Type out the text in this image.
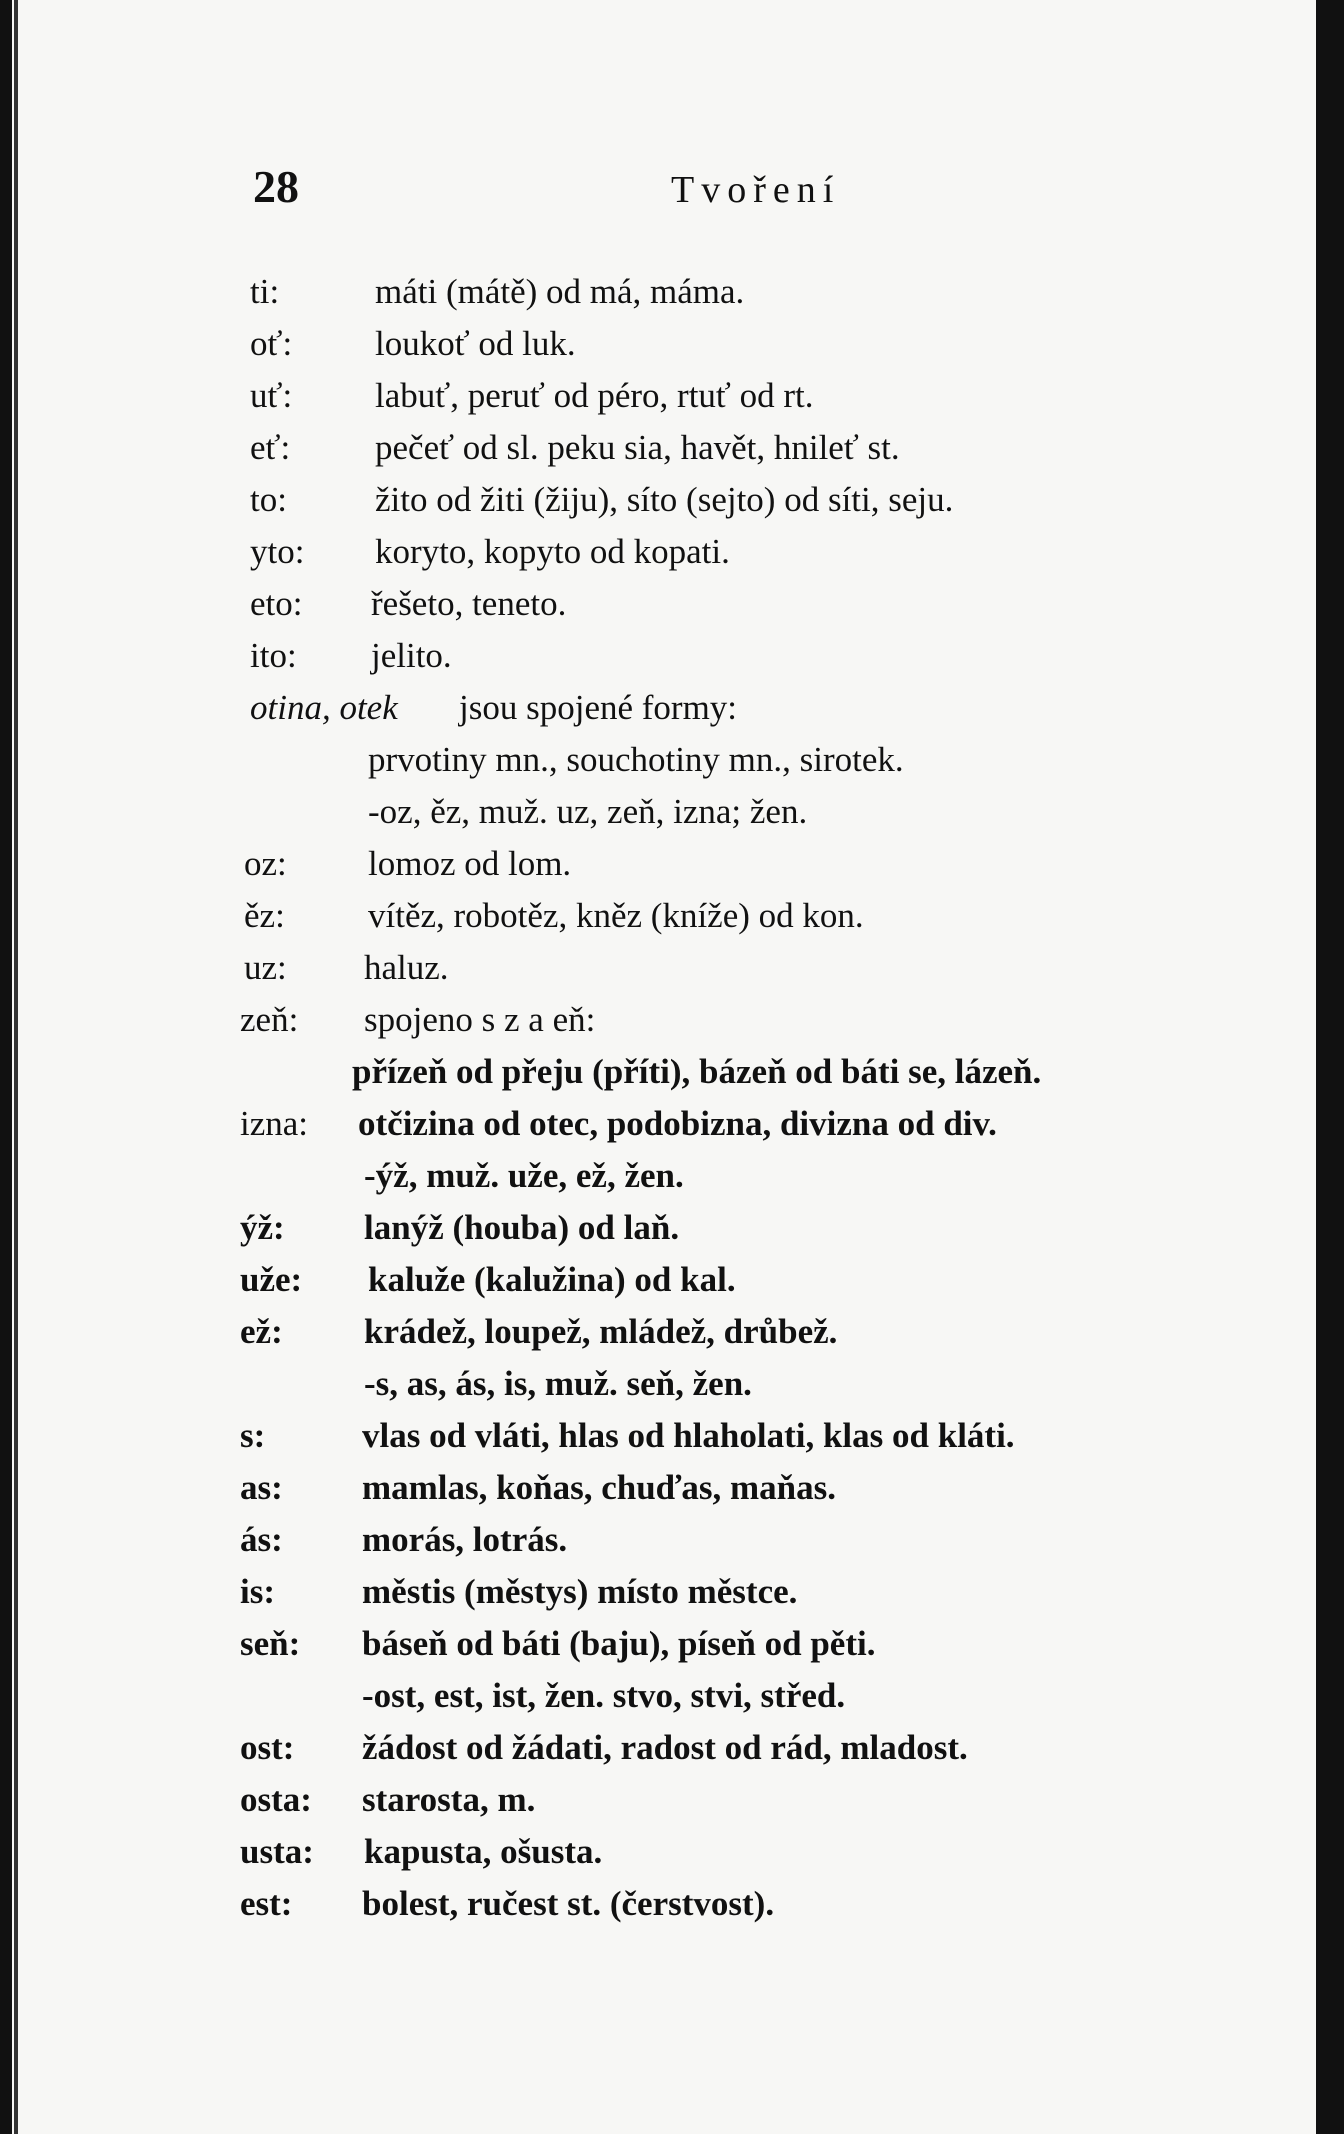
28	Tvoření
ti:	máti (mátě) od má, máma.
oť: loukoť od luk.
uť: labuť, peruť od péro, rtuť od rt.
eť: pečeť od sl. peku sia, havět, hnileť st.
to:	žito od žiti (žiju), síto (sejto) od síti, seju.
yto: koryto, kopyto od kopati.
eto: řešeto, teneto.
ito: jelito.
otina, otek jsou spojené formy:
prvotiny mn., souchotiny mn., sirotek.
-oz, ěz, muž. uz, zeň, izna; žen.
oz: lomoz od lom.
ěz: vítěz, robotěz, kněz (kníže) od kon.
uz: haluz.
zeň: spojeno s z a eň:
přízeň od přeju (příti), bázeň od báti se, lázeň.
izna: otčizina od otec, podobizna, divizna od div.
-ýž, muž. uže, ež, žen.
ýž: lanýž (houba) od laň.
uže: kaluže (kalužina) od kal.
ež: krádež, loupež, mládež, drůbež.
-s, as, ás, is, muž. seň, žen.
s:	vlas od vláti, hlas od hlaholati, klas od kláti.
as: mamlas, koňas, chuďas, maňas.
ás: morás, lotrás.
is: městis (městys) místo městce.
seň: báseň od báti (baju), píseň od pěti.
-ost, est, ist, žen. stvo, stvi, střed.
ost: žádost od žádati, radost od rád, mladost.
osta: starosta, m.
usta: kapusta, ošusta.
est: bolest, ručest st. (čerstvost).
